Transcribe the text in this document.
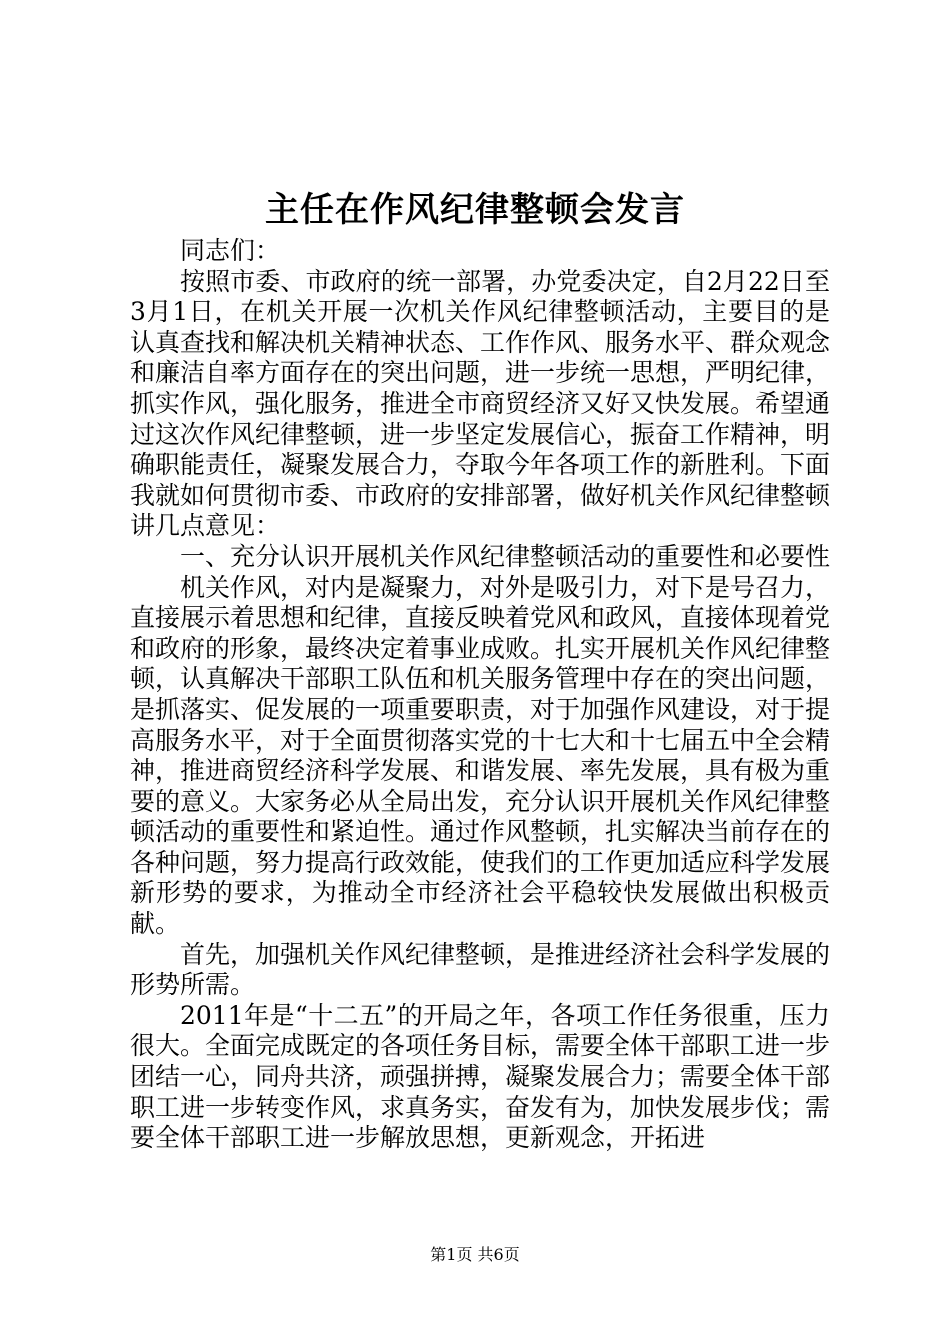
主任在作风纪律整顿会发言

同志们：

按照市委、市政府的统一部署，办党委决定，自2月22日至3月1日，在机关开展一次机关作风纪律整顿活动，主要目的是认真查找和解决机关精神状态、工作作风、服务水平、群众观念和廉洁自率方面存在的突出问题，进一步统一思想，严明纪律，抓实作风，强化服务，推进全市商贸经济又好又快发展。希望通过这次作风纪律整顿，进一步坚定发展信心，振奋工作精神，明确职能责任，凝聚发展合力，夺取今年各项工作的新胜利。下面我就如何贯彻市委、市政府的安排部署，做好机关作风纪律整顿讲几点意见：

一、充分认识开展机关作风纪律整顿活动的重要性和必要性

机关作风，对内是凝聚力，对外是吸引力，对下是号召力，直接展示着思想和纪律，直接反映着党风和政风，直接体现着党和政府的形象，最终决定着事业成败。扎实开展机关作风纪律整顿，认真解决干部职工队伍和机关服务管理中存在的突出问题，是抓落实、促发展的一项重要职责，对于加强作风建设，对于提高服务水平，对于全面贯彻落实党的十七大和十七届五中全会精神，推进商贸经济科学发展、和谐发展、率先发展，具有极为重要的意义。大家务必从全局出发，充分认识开展机关作风纪律整顿活动的重要性和紧迫性。通过作风整顿，扎实解决当前存在的各种问题，努力提高行政效能，使我们的工作更加适应科学发展新形势的要求，为推动全市经济社会平稳较快发展做出积极贡献。

首先，加强机关作风纪律整顿，是推进经济社会科学发展的形势所需。

2011年是“十二五”的开局之年，各项工作任务很重，压力很大。全面完成既定的各项任务目标，需要全体干部职工进一步团结一心，同舟共济，顽强拼搏，凝聚发展合力；需要全体干部职工进一步转变作风，求真务实，奋发有为，加快发展步伐；需要全体干部职工进一步解放思想，更新观念，开拓进

第1页 共6页
